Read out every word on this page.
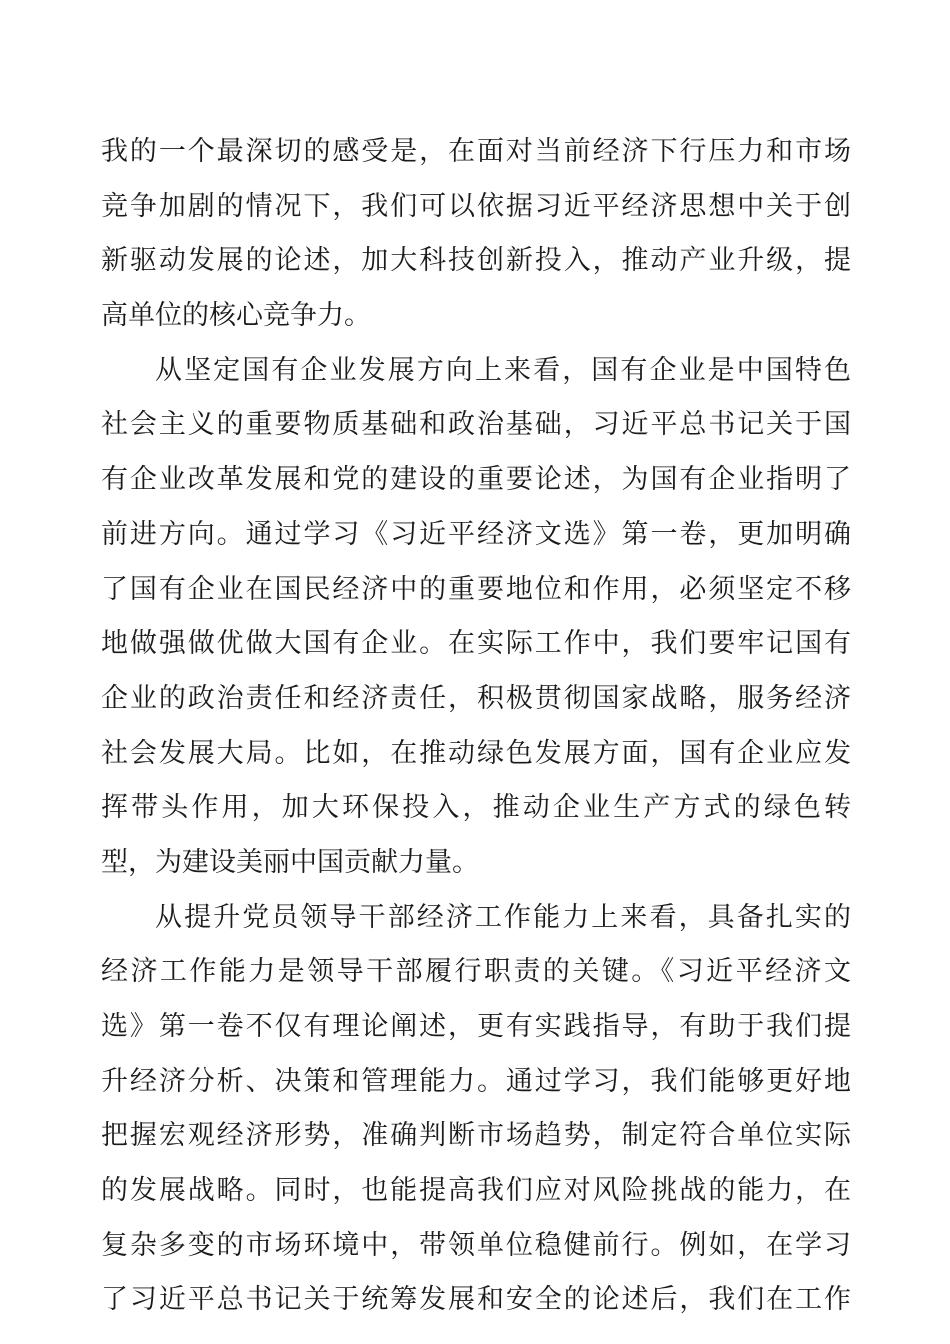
我的一个最深切的感受是，在面对当前经济下行压力和市场
竞争加剧的情况下，我们可以依据习近平经济思想中关于创
新驱动发展的论述，加大科技创新投入，推动产业升级，提
高单位的核心竞争力。
从坚定国有企业发展方向上来看，国有企业是中国特色
社会主义的重要物质基础和政治基础，习近平总书记关于国
有企业改革发展和党的建设的重要论述，为国有企业指明了
前进方向。通过学习《习近平经济文选》第一卷，更加明确
了国有企业在国民经济中的重要地位和作用，必须坚定不移
地做强做优做大国有企业。在实际工作中，我们要牢记国有
企业的政治责任和经济责任，积极贯彻国家战略，服务经济
社会发展大局。比如，在推动绿色发展方面，国有企业应发
挥带头作用，加大环保投入，推动企业生产方式的绿色转
型，为建设美丽中国贡献力量。
从提升党员领导干部经济工作能力上来看，具备扎实的
经济工作能力是领导干部履行职责的关键。《习近平经济文
选》第一卷不仅有理论阐述，更有实践指导，有助于我们提
升经济分析、决策和管理能力。通过学习，我们能够更好地
把握宏观经济形势，准确判断市场趋势，制定符合单位实际
的发展战略。同时，也能提高我们应对风险挑战的能力，在
复杂多变的市场环境中，带领单位稳健前行。例如，在学习
了习近平总书记关于统筹发展和安全的论述后，我们在工作
